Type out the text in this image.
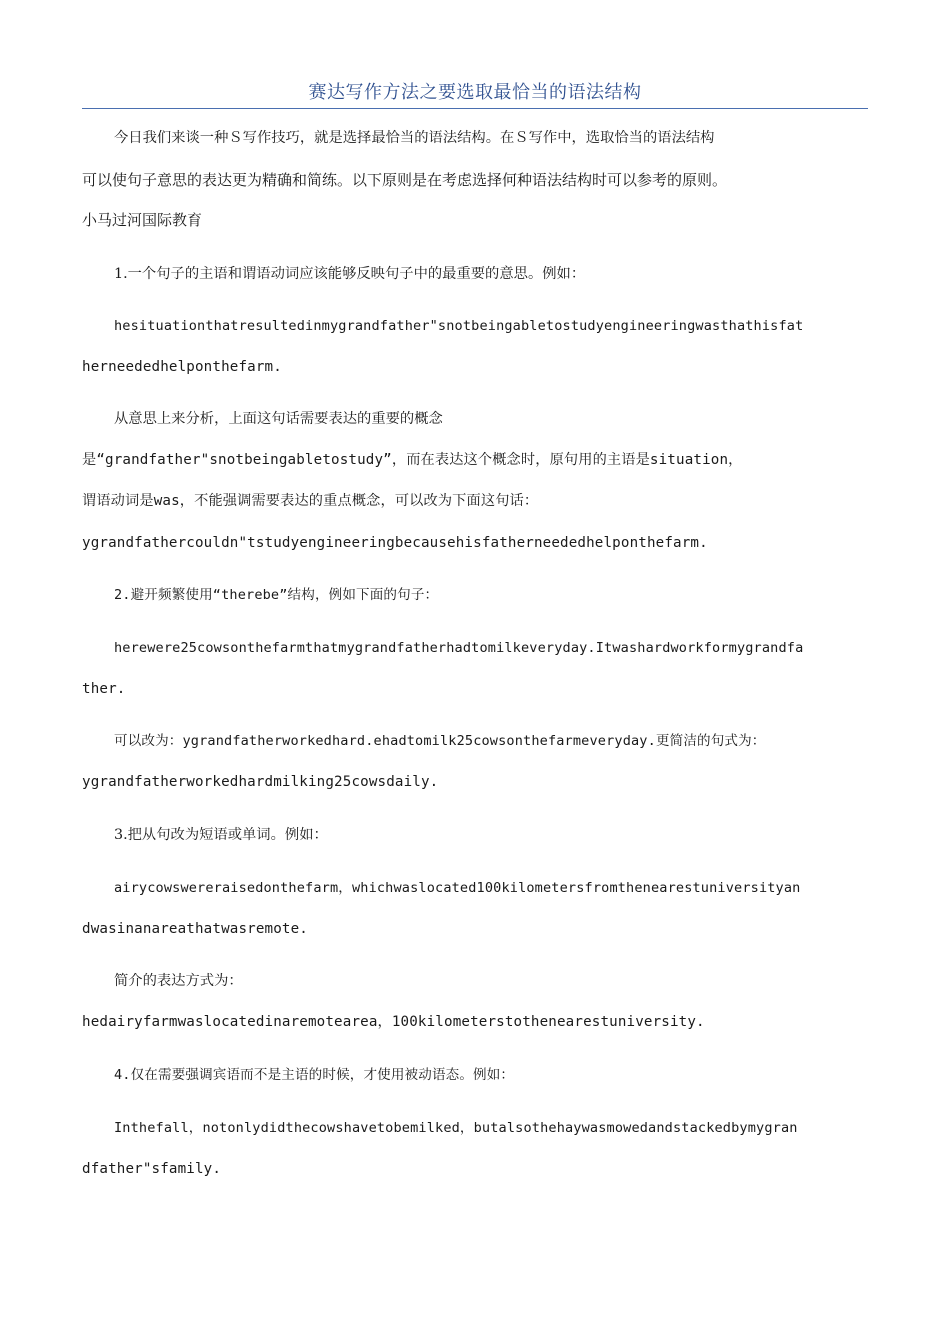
赛达写作方法之要选取最恰当的语法结构
今日我们来谈一种Ｓ写作技巧，就是选择最恰当的语法结构。在Ｓ写作中，选取恰当的语法结构
可以使句子意思的表达更为精确和简练。以下原则是在考虑选择何种语法结构时可以参考的原则。
小马过河国际教育
1.一个句子的主语和谓语动词应该能够反映句子中的最重要的意思。例如：
hesituationthatresultedinmygrandfather"snotbeingabletostudyengineeringwasthathisfat
herneededhelponthefarm.
从意思上来分析，上面这句话需要表达的重要的概念
是“grandfather"snotbeingabletostudy”，而在表达这个概念时，原句用的主语是situation，
谓语动词是was，不能强调需要表达的重点概念，可以改为下面这句话：
ygrandfathercouldn"tstudyengineeringbecausehisfatherneededhelponthefarm.
2.避开频繁使用“therebe”结构，例如下面的句子：
herewere25cowsonthefarmthatmygrandfatherhadtomilkeveryday.Itwashardworkformygrandfa
ther.
可以改为：ygrandfatherworkedhard.ehadtomilk25cowsonthefarmeveryday.更简洁的句式为：
ygrandfatherworkedhardmilking25cowsdaily.
3.把从句改为短语或单词。例如：
airycowswereraisedonthefarm，whichwaslocated100kilometersfromthenearestuniversityan
dwasinanareathatwasremote.
简介的表达方式为：
hedairyfarmwaslocatedinaremotearea，100kilometerstothenearestuniversity.
4.仅在需要强调宾语而不是主语的时候，才使用被动语态。例如：
Inthefall，notonlydidthecowshavetobemilked，butalsothehaywasmowedandstackedbymygran
dfather"sfamily.
